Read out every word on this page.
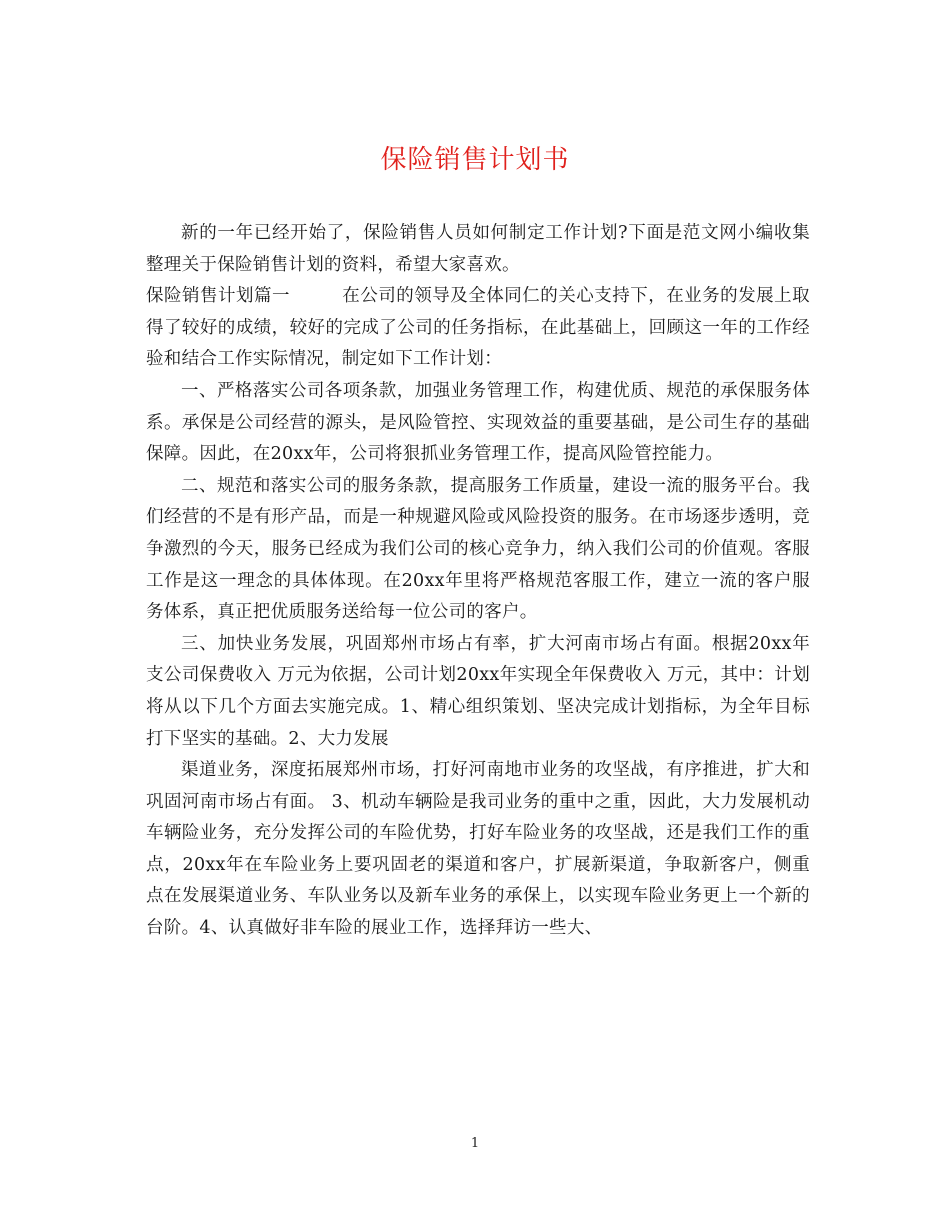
保险销售计划书

新的一年已经开始了，保险销售人员如何制定工作计划?下面是范文网小编收集整理关于保险销售计划的资料，希望大家喜欢。

保险销售计划篇一	在公司的领导及全体同仁的关心支持下，在业务的发展上取得了较好的成绩，较好的完成了公司的任务指标，在此基础上，回顾这一年的工作经验和结合工作实际情况，制定如下工作计划：

一、严格落实公司各项条款，加强业务管理工作，构建优质、规范的承保服务体系。承保是公司经营的源头，是风险管控、实现效益的重要基础，是公司生存的基础保障。因此，在20xx年，公司将狠抓业务管理工作，提高风险管控能力。

二、规范和落实公司的服务条款，提高服务工作质量，建设一流的服务平台。我们经营的不是有形产品，而是一种规避风险或风险投资的服务。在市场逐步透明，竞争激烈的今天，服务已经成为我们公司的核心竞争力，纳入我们公司的价值观。客服工作是这一理念的具体体现。在20xx年里将严格规范客服工作，建立一流的客户服务体系，真正把优质服务送给每一位公司的客户。

三、加快业务发展，巩固郑州市场占有率，扩大河南市场占有面。根据20xx年支公司保费收入 万元为依据，公司计划20xx年实现全年保费收入 万元，其中：计划将从以下几个方面去实施完成。1、精心组织策划、坚决完成计划指标，为全年目标打下坚实的基础。2、大力发展

渠道业务，深度拓展郑州市场，打好河南地市业务的攻坚战，有序推进，扩大和巩固河南市场占有面。 3、机动车辆险是我司业务的重中之重，因此，大力发展机动车辆险业务，充分发挥公司的车险优势，打好车险业务的攻坚战，还是我们工作的重点，20xx年在车险业务上要巩固老的渠道和客户，扩展新渠道，争取新客户，侧重点在发展渠道业务、车队业务以及新车业务的承保上，以实现车险业务更上一个新的台阶。4、认真做好非车险的展业工作，选择拜访一些大、

1
